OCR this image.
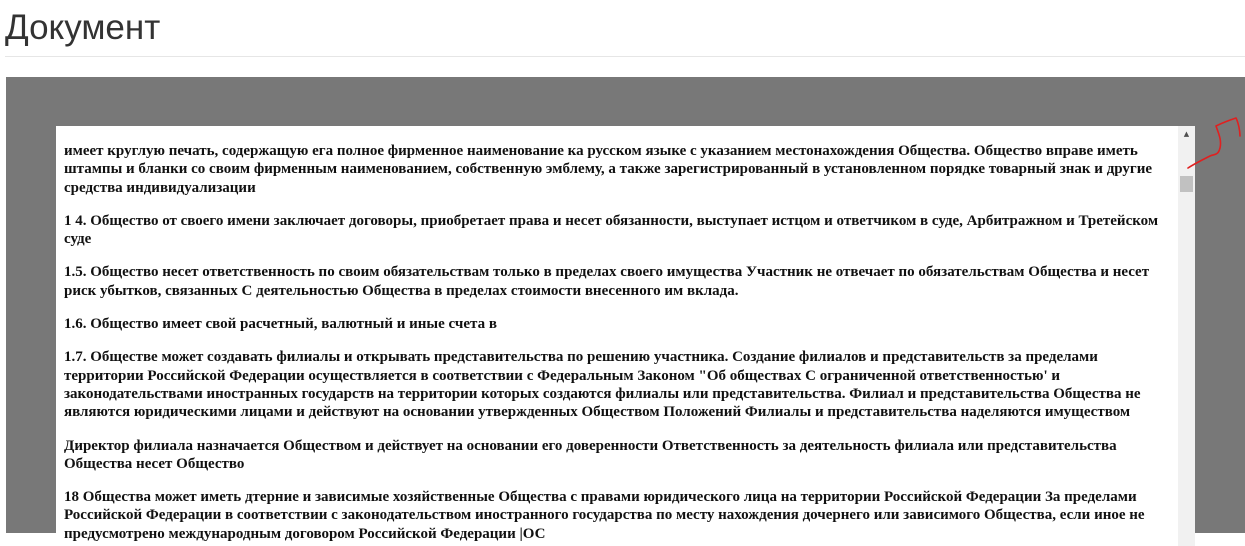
Документ

имеет круглую печать, содержащую ега полное фирменное наименование ка русском языке с указанием местонахождения Общества. Общество вправе иметь штампы и бланки со своим фирменным наименованием, собственную эмблему, а также зарегистрированный в установленном порядке товарный знак и другие средства индивидуализации

1 4. Общество от своего имени заключает договоры, приобретает права и несет обязанности, выступает истцом и ответчиком в суде, Арбитражном и Третейском суде

1.5. Общество несет ответственность по своим обязательствам только в пределах своего имущества Участник не отвечает по обязательствам Общества и несет риск убытков, связанных С деятельностью Общества в пределах стоимости внесенного им вклада.

1.6. Общество имеет свой расчетный, валютный и иные счета в

1.7. Обществе может создавать филиалы и открывать представительства по решению участника. Создание филиалов и представительств за пределами территории Российской Федерации осуществляется в соответствии с Федеральным Законом "Об обществах С ограниченной ответственностью' и законодательствами иностранных государств на территории которых создаются филиалы или представительства. Филиал и представительства Общества не являются юридическими лицами и действуют на основании утвержденных Обществом Положений Филиалы и представительства наделяются имуществом

Директор филиала назначается Обществом и действует на основании его доверенности Ответственность за деятельность филиала или представительства Общества несет Общество

18 Общества может иметь дтерние и зависимые хозяйственные Общества с правами юридического лица на территории Российской Федерации За пределами Российской Федерации в соответствии с законодательством иностранного государства по месту нахождения дочернего или зависимого Общества, если иное не предусмотрено международным договором Российской Федерации |ОС

▲
